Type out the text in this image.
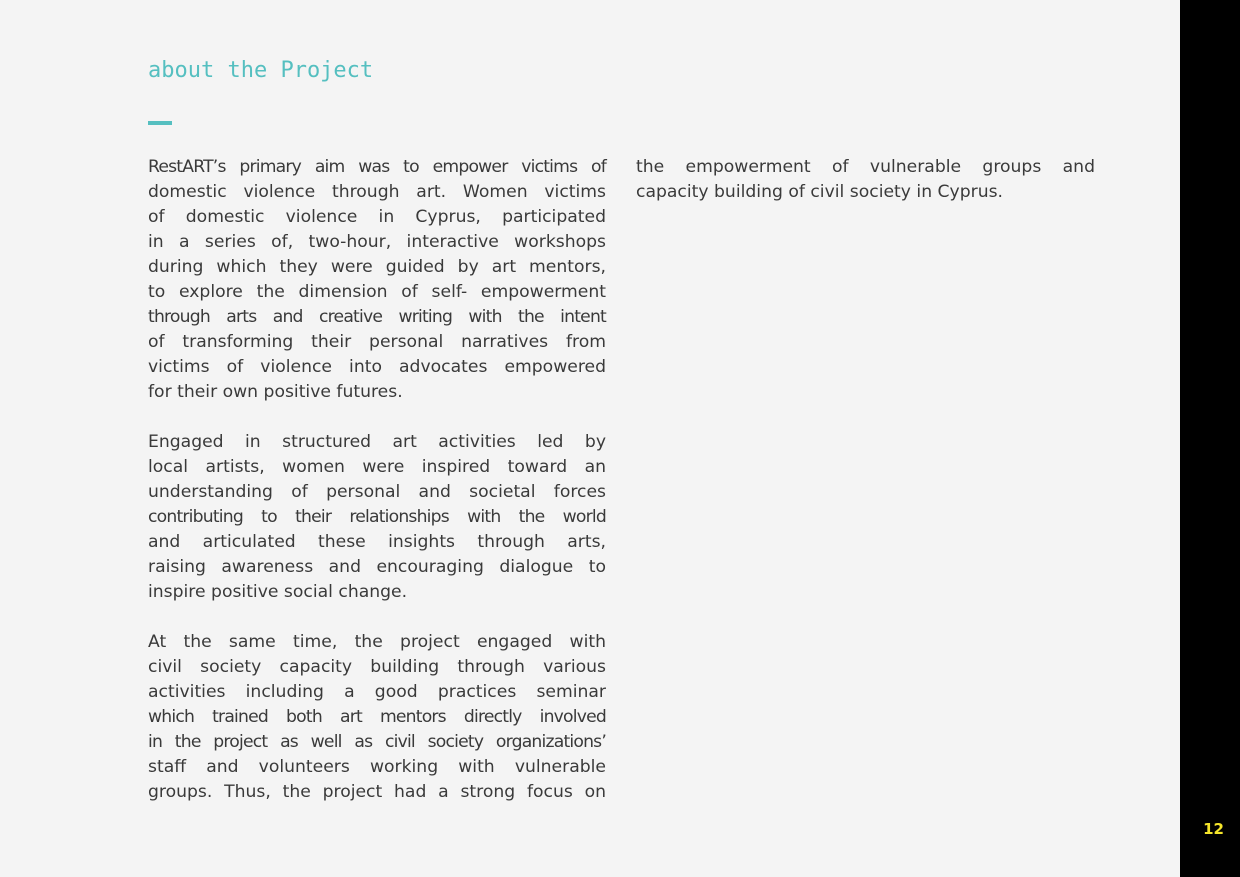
about the Project

RestART’s primary aim was to empower victims of
domestic violence through art. Women victims
of domestic violence in Cyprus, participated
in a series of, two-hour, interactive workshops
during which they were guided by art mentors,
to explore the dimension of self- empowerment
through arts and creative writing with the intent
of transforming their personal narratives from
victims of violence into advocates empowered
for their own positive futures.

Engaged in structured art activities led by
local artists, women were inspired toward an
understanding of personal and societal forces
contributing to their relationships with the world
and articulated these insights through arts,
raising awareness and encouraging dialogue to
inspire positive social change.

At the same time, the project engaged with
civil society capacity building through various
activities including a good practices seminar
which trained both art mentors directly involved
in the project as well as civil society organizations’
staff and volunteers working with vulnerable
groups. Thus, the project had a strong focus on

the empowerment of vulnerable groups and
capacity building of civil society in Cyprus.

12
